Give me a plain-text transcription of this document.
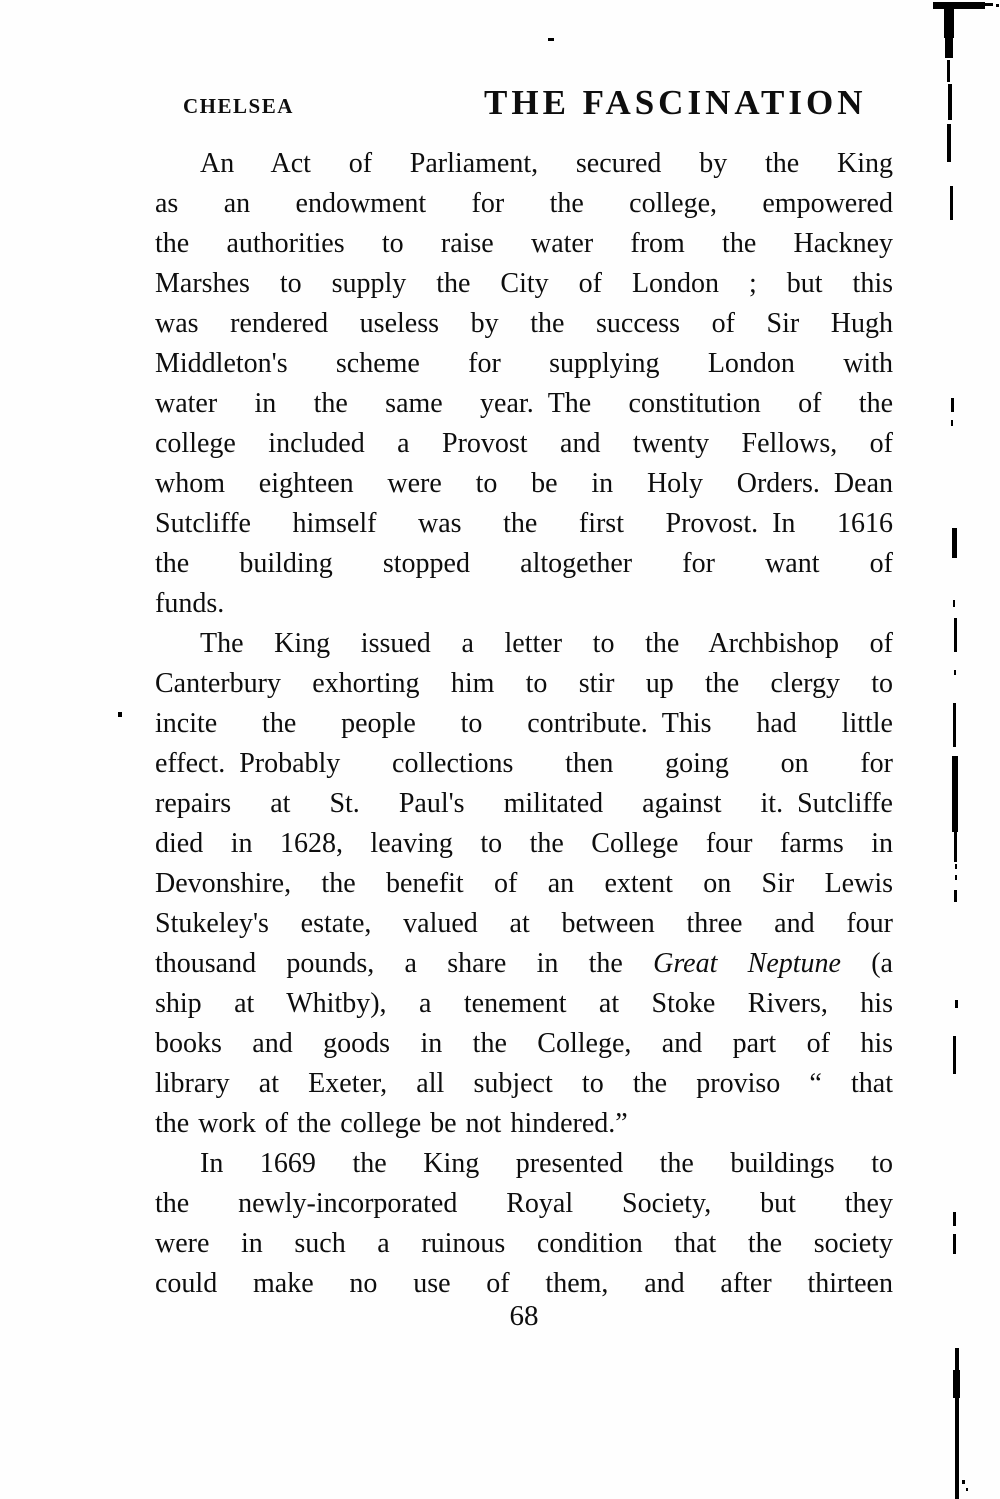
CHELSEA	THE FASCINATION
An Act of Parliament, secured by the King
as an endowment for the college, empowered
the authorities to raise water from the Hackney
Marshes to supply the City of London ; but this
was rendered useless by the success of Sir Hugh
Middleton's scheme for supplying London with
water in the same year. The constitution of the
college included a Provost and twenty Fellows, of
whom eighteen were to be in Holy Orders. Dean
Sutcliffe himself was the first Provost. In 1616
the building stopped altogether for want of
funds.
The King issued a letter to the Archbishop of
Canterbury exhorting him to stir up the clergy to
incite the people to contribute. This had little
effect. Probably collections then going on for
repairs at St. Paul's militated against it. Sutcliffe
died in 1628, leaving to the College four farms in
Devonshire, the benefit of an extent on Sir Lewis
Stukeley's estate, valued at between three and four
thousand pounds, a share in the Great Neptune (a
ship at Whitby), a tenement at Stoke Rivers, his
books and goods in the College, and part of his
library at Exeter, all subject to the proviso “ that
the work of the college be not hindered.”
In 1669 the King presented the buildings to
the newly-incorporated Royal Society, but they
were in such a ruinous condition that the society
could make no use of them, and after thirteen
68
